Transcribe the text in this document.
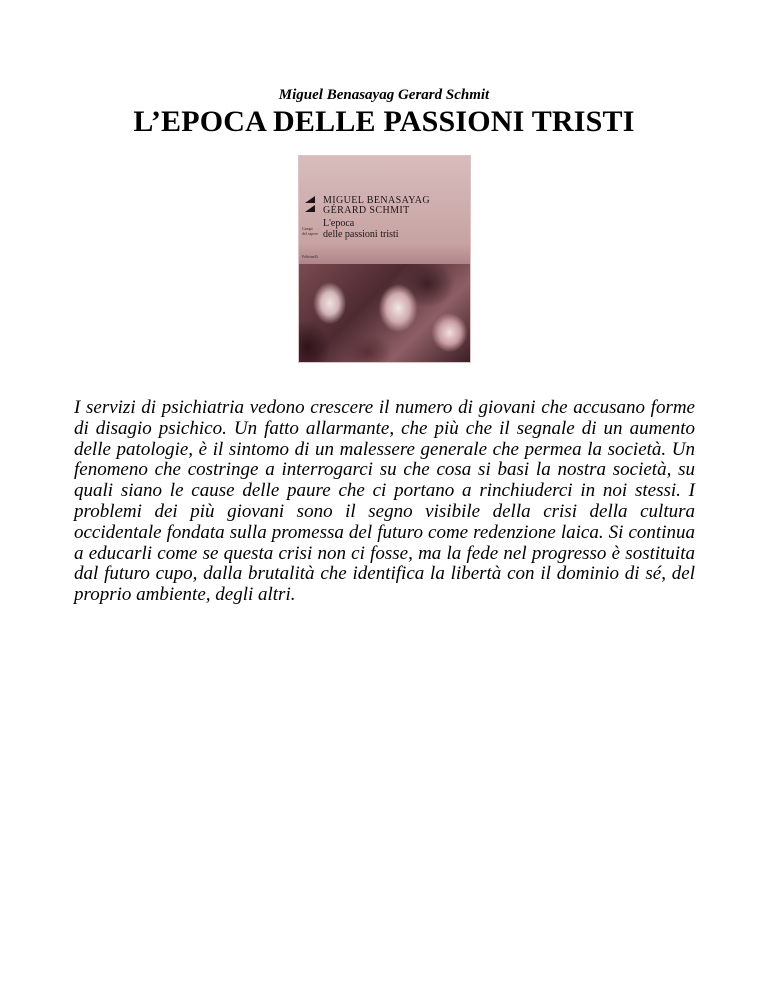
Miguel Benasayag Gerard Schmit
L’EPOCA DELLE PASSIONI TRISTI
MIGUEL BENASAYAG
GÉRARD SCHMIT
L'epoca
delle passioni tristi
Campi
del sapere
Feltrinelli
I servizi di psichiatria vedono crescere il numero di giovani che accusano forme di disagio psichico. Un fatto allarmante, che più che il segnale di un aumento delle patologie, è il sintomo di un malessere generale che permea la società. Un fenomeno che costringe a interrogarci su che cosa si basi la nostra società, su quali siano le cause delle paure che ci portano a rinchiuderci in noi stessi. I problemi dei più giovani sono il segno visibile della crisi della cultura occidentale fondata sulla promessa del futuro come redenzione laica. Si continua a educarli come se questa crisi non ci fosse, ma la fede nel progresso è sostituita dal futuro cupo, dalla brutalità che identifica la libertà con il dominio di sé, del proprio ambiente, degli altri.
